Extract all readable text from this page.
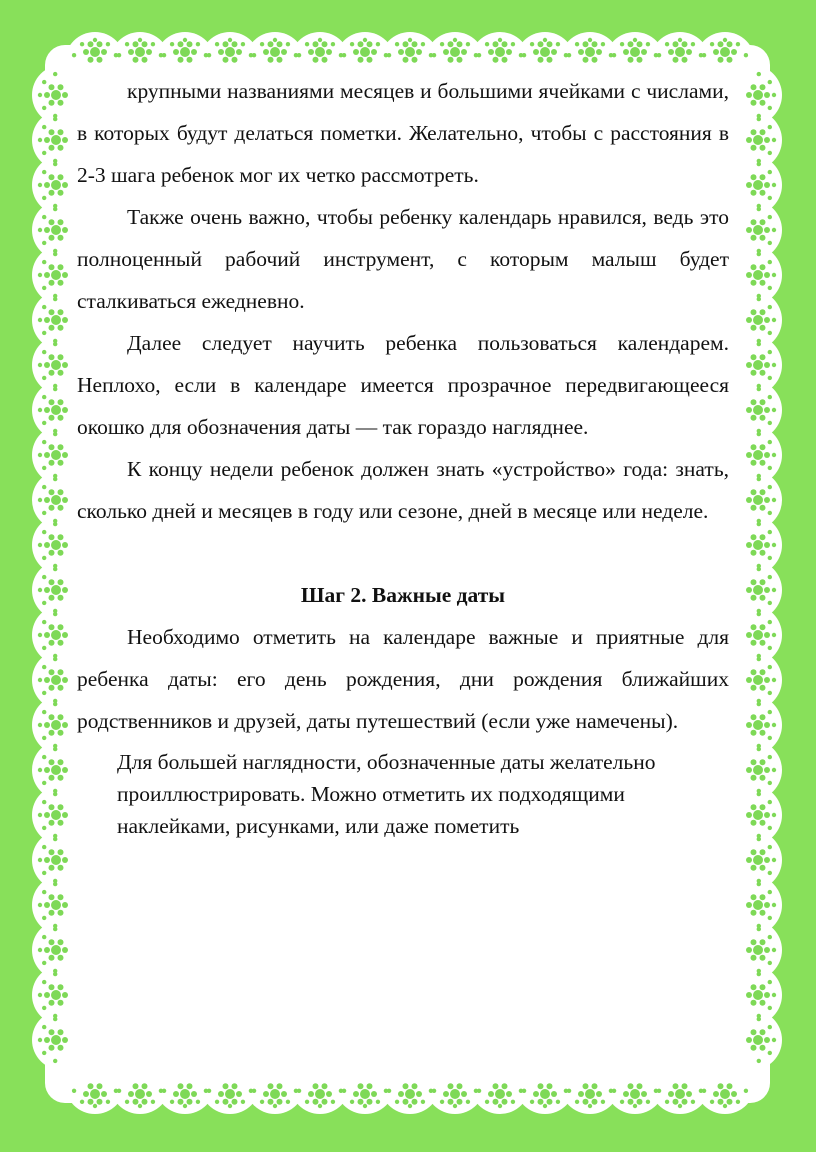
крупными названиями месяцев и большими ячейками с числами, в которых будут делаться пометки. Желательно, чтобы с расстояния в 2-3 шага ребенок мог их четко рассмотреть.

Также очень важно, чтобы ребенку календарь нравился, ведь это полноценный рабочий инструмент, с которым малыш будет сталкиваться ежедневно.

Далее следует научить ребенка пользоваться календарем. Неплохо, если в календаре имеется прозрачное передвигающееся окошко для обозначения даты — так гораздо нагляднее.

К концу недели ребенок должен знать «устройство» года: знать, сколько дней и месяцев в году или сезоне, дней в месяце или неделе.

Шаг 2. Важные даты

Необходимо отметить на календаре важные и приятные для ребенка даты: его день рождения, дни рождения ближайших родственников и друзей, даты путешествий (если уже намечены).

Для большей наглядности, обозначенные даты желательно проиллюстрировать. Можно отметить их подходящими наклейками, рисунками, или даже пометить
